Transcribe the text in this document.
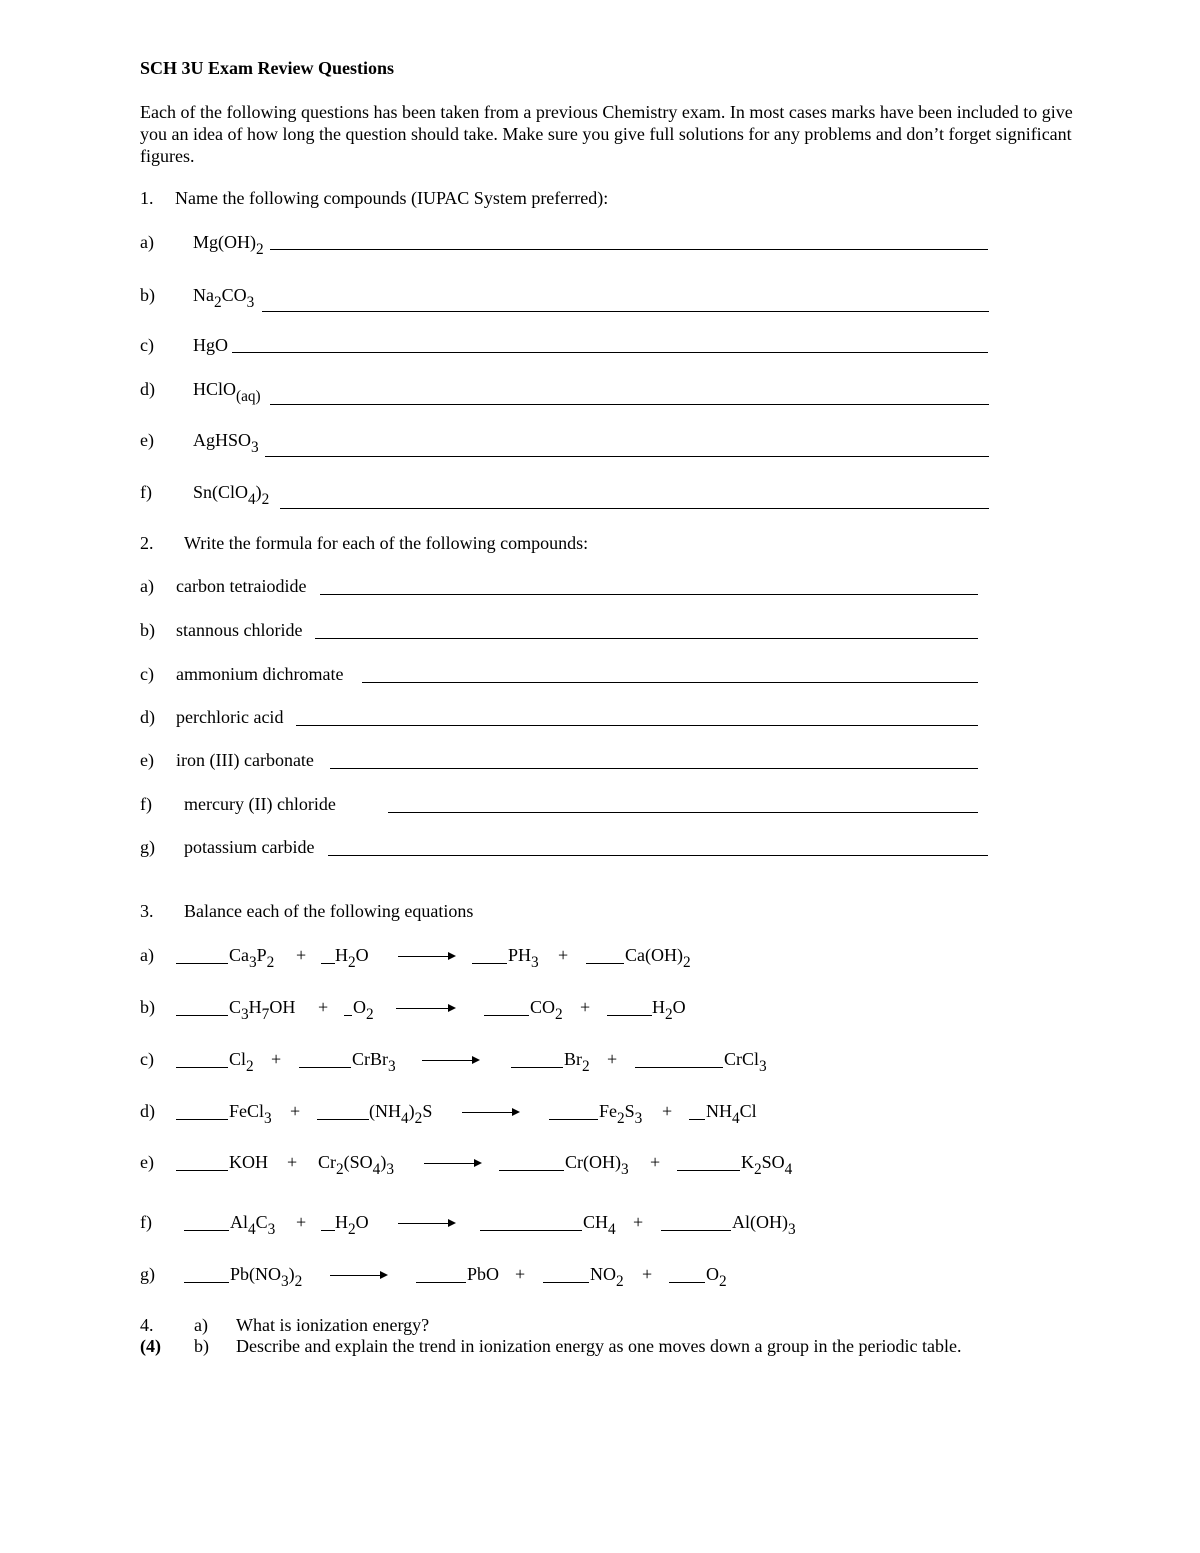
SCH 3U Exam Review Questions

Each of the following questions has been taken from a previous Chemistry exam. In most cases marks have been included to give you an idea of how long the question should take. Make sure you give full solutions for any problems and don’t forget significant figures.

1. Name the following compounds (IUPAC System preferred):
a) $Mg(OH)_2$
b) $Na_2CO_3$
c) HgO
d) HClO$_{(aq)}$
e) AgHSO$_3$
f) $Sn(ClO_4)_2$
2. Write the formula for each of the following compounds:
a) carbon tetraiodide
b) stannous chloride
c) ammonium dichromate
d) perchloric acid
e) iron (III) carbonate
f) mercury (II) chloride
g) potassium carbide
3. Balance each of the following equations
a)	$Ca_3P_2 + H_2O$	$PH_3$ +	$Ca(OH)_2$
b)	$C_3H_7OH + O_2$	$CO_2$ +	$H_2O$
c)	$Cl_2$ +	CrBr$_3$	$Br_2$ +	CrCl$_3$
d)	FeCl$_3$ +	$(NH_4)_2S$	$Fe_2S_3 + NH_4Cl$
e)	KOH + $Cr_2(SO_4)_3$	$Cr(OH)_3$ +	$K_2SO_4$
f)	$Al_4C_3 + H_2O$	$CH_4$ +	$Al(OH)_3$
g)	$Pb(NO_3)_2$	PbO +	$NO_2$ +	$O_2$
4.
(4)
a) What is ionization energy?
b) Describe and explain the trend in ionization energy as one moves down a group in the periodic table.
